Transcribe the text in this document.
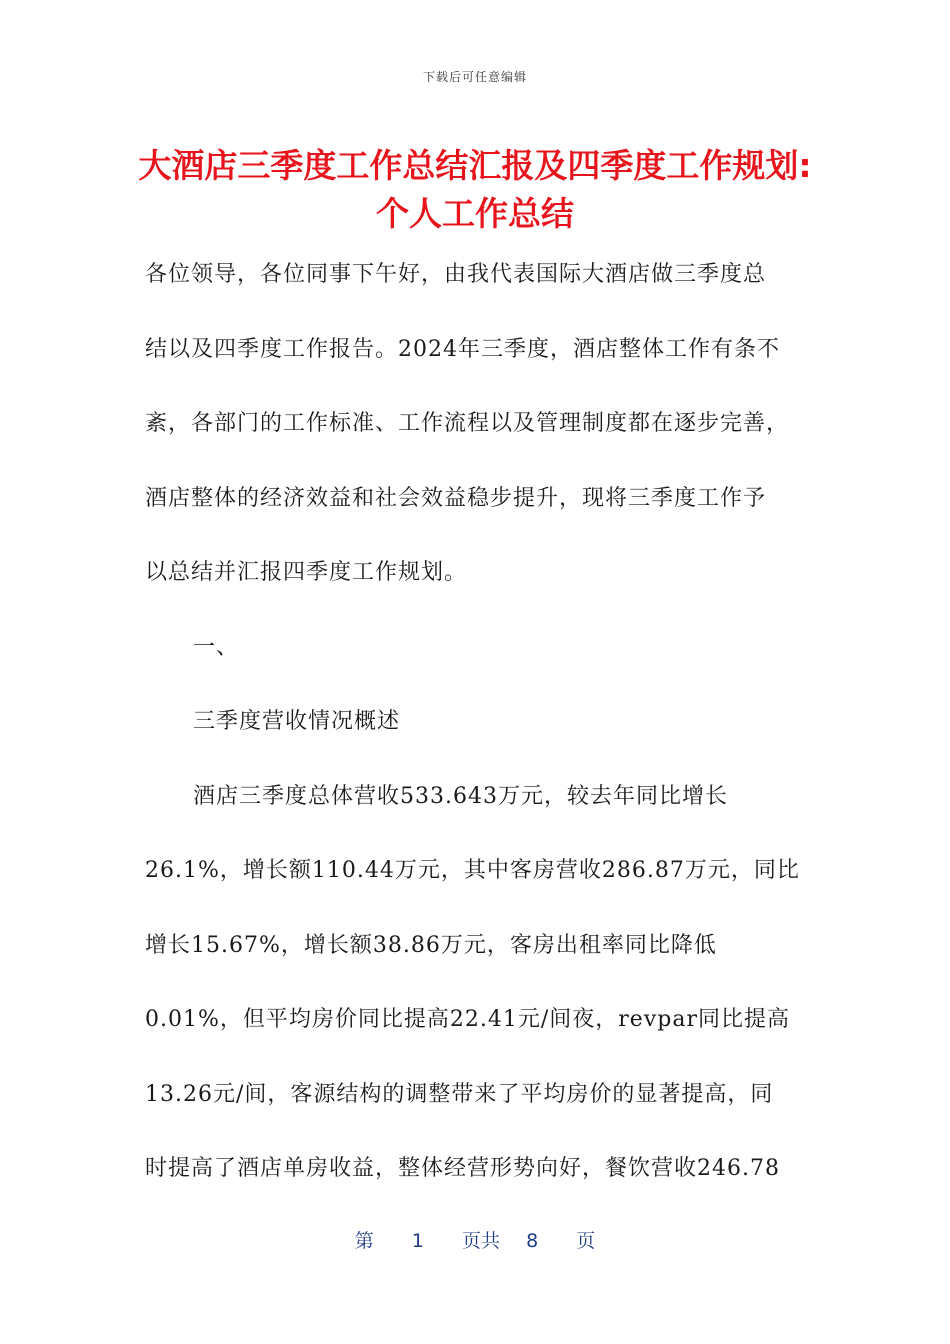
下载后可任意编辑
大酒店三季度工作总结汇报及四季度工作规划:个人工作总结

各位领导，各位同事下午好，由我代表国际大酒店做三季度总

结以及四季度工作报告。2024年三季度，酒店整体工作有条不

紊，各部门的工作标准、工作流程以及管理制度都在逐步完善，

酒店整体的经济效益和社会效益稳步提升，现将三季度工作予

以总结并汇报四季度工作规划。

一、

三季度营收情况概述

酒店三季度总体营收533.643万元，较去年同比增长

26.1%，增长额110.44万元，其中客房营收286.87万元，同比

增长15.67%，增长额38.86万元，客房出租率同比降低

0.01%，但平均房价同比提高22.41元/间夜，revpar同比提高

13.26元/间，客源结构的调整带来了平均房价的显著提高，同

时提高了酒店单房收益，整体经营形势向好，餐饮营收246.78

第 1 页共 8 页
